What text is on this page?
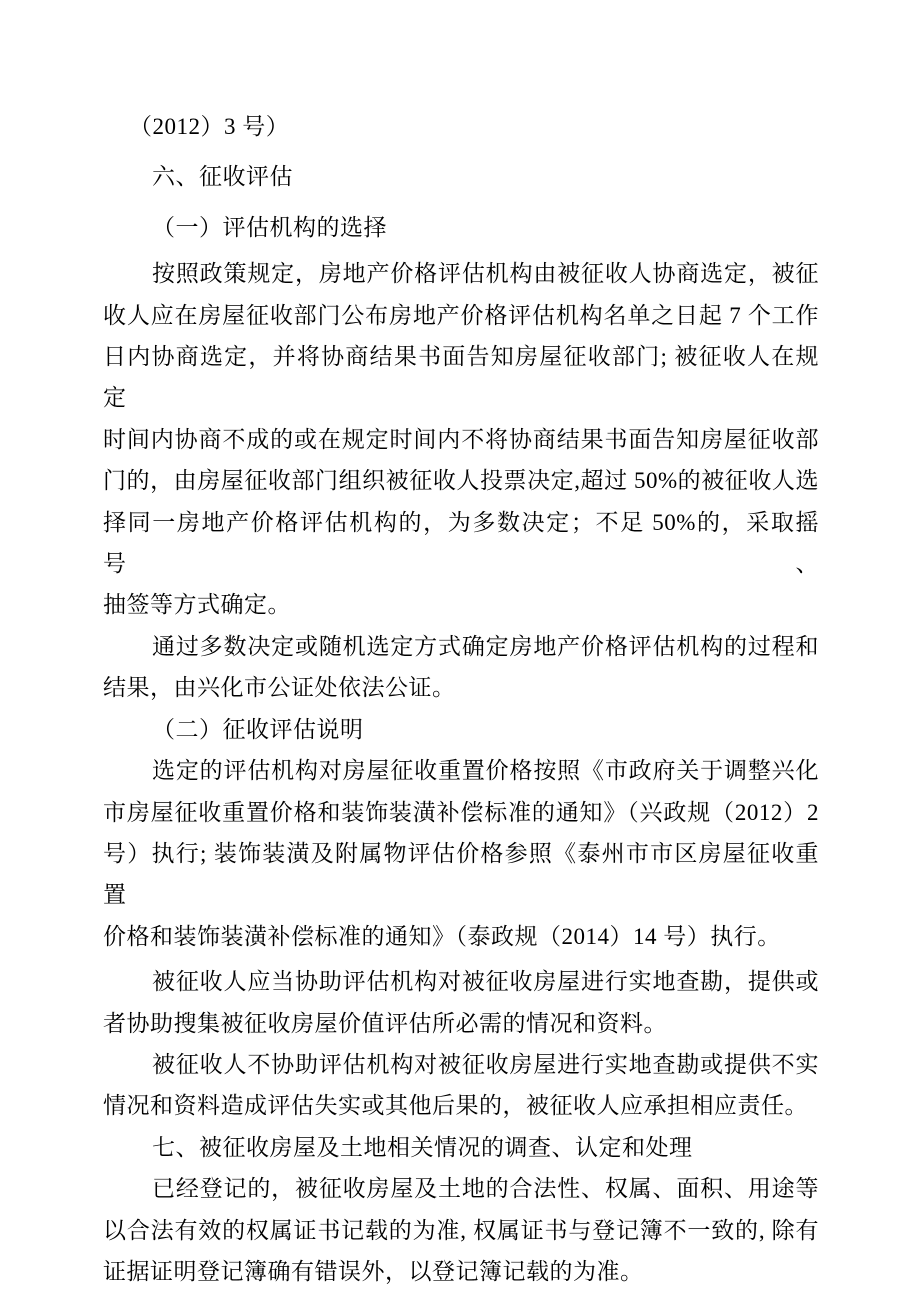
（2012）3 号）
六、征收评估
（一）评估机构的选择
按照政策规定，房地产价格评估机构由被征收人协商选定，被征
收人应在房屋征收部门公布房地产价格评估机构名单之日起 7 个工作
日内协商选定，并将协商结果书面告知房屋征收部门; 被征收人在规定
时间内协商不成的或在规定时间内不将协商结果书面告知房屋征收部
门的，由房屋征收部门组织被征收人投票决定,超过 50%的被征收人选
择同一房地产价格评估机构的，为多数决定；不足 50%的，采取摇号、
抽签等方式确定。
通过多数决定或随机选定方式确定房地产价格评估机构的过程和
结果，由兴化市公证处依法公证。
（二）征收评估说明
选定的评估机构对房屋征收重置价格按照《市政府关于调整兴化
市房屋征收重置价格和装饰装潢补偿标准的通知》（兴政规（2012）2
号）执行; 装饰装潢及附属物评估价格参照《泰州市市区房屋征收重置
价格和装饰装潢补偿标准的通知》（泰政规（2014）14 号）执行。
被征收人应当协助评估机构对被征收房屋进行实地查勘，提供或
者协助搜集被征收房屋价值评估所必需的情况和资料。
被征收人不协助评估机构对被征收房屋进行实地查勘或提供不实
情况和资料造成评估失实或其他后果的，被征收人应承担相应责任。
七、被征收房屋及土地相关情况的调查、认定和处理
已经登记的，被征收房屋及土地的合法性、权属、面积、用途等
以合法有效的权属证书记载的为准, 权属证书与登记簿不一致的, 除有
证据证明登记簿确有错误外，以登记簿记载的为准。
